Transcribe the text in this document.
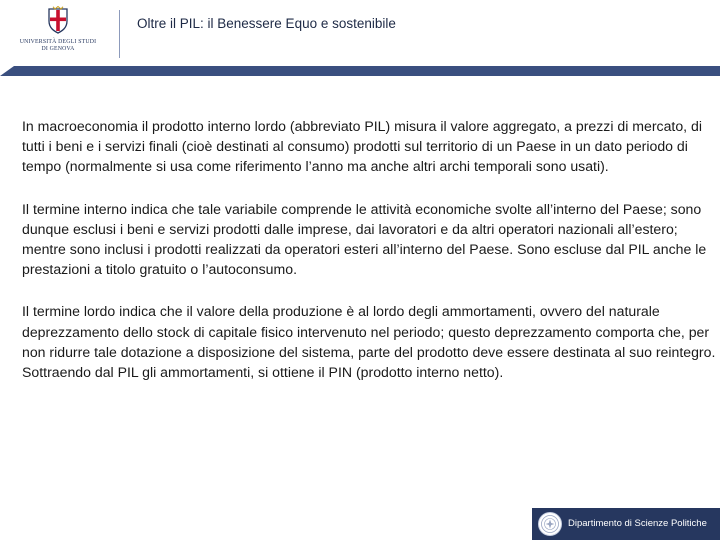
UNIVERSITÀ DEGLI STUDI
DI GENOVA
Oltre il PIL: il Benessere Equo e sostenibile

In macroeconomia il prodotto interno lordo (abbreviato PIL) misura il valore aggregato, a prezzi di mercato, di tutti i beni e i servizi finali (cioè destinati al consumo) prodotti sul territorio di un Paese in un dato periodo di tempo (normalmente si usa come riferimento l’anno ma anche altri archi temporali sono usati).

Il termine interno indica che tale variabile comprende le attività economiche svolte all’interno del Paese; sono dunque esclusi i beni e servizi prodotti dalle imprese, dai lavoratori e da altri operatori nazionali all’estero; mentre sono inclusi i prodotti realizzati da operatori esteri all’interno del Paese. Sono escluse dal PIL anche le prestazioni a titolo gratuito o l’autoconsumo.

Il termine lordo indica che il valore della produzione è al lordo degli ammortamenti, ovvero del naturale deprezzamento dello stock di capitale fisico intervenuto nel periodo; questo deprezzamento comporta che, per non ridurre tale dotazione a disposizione del sistema, parte del prodotto deve essere destinata al suo reintegro. Sottraendo dal PIL gli ammortamenti, si ottiene il PIN (prodotto interno netto).

Dipartimento di Scienze Politiche
